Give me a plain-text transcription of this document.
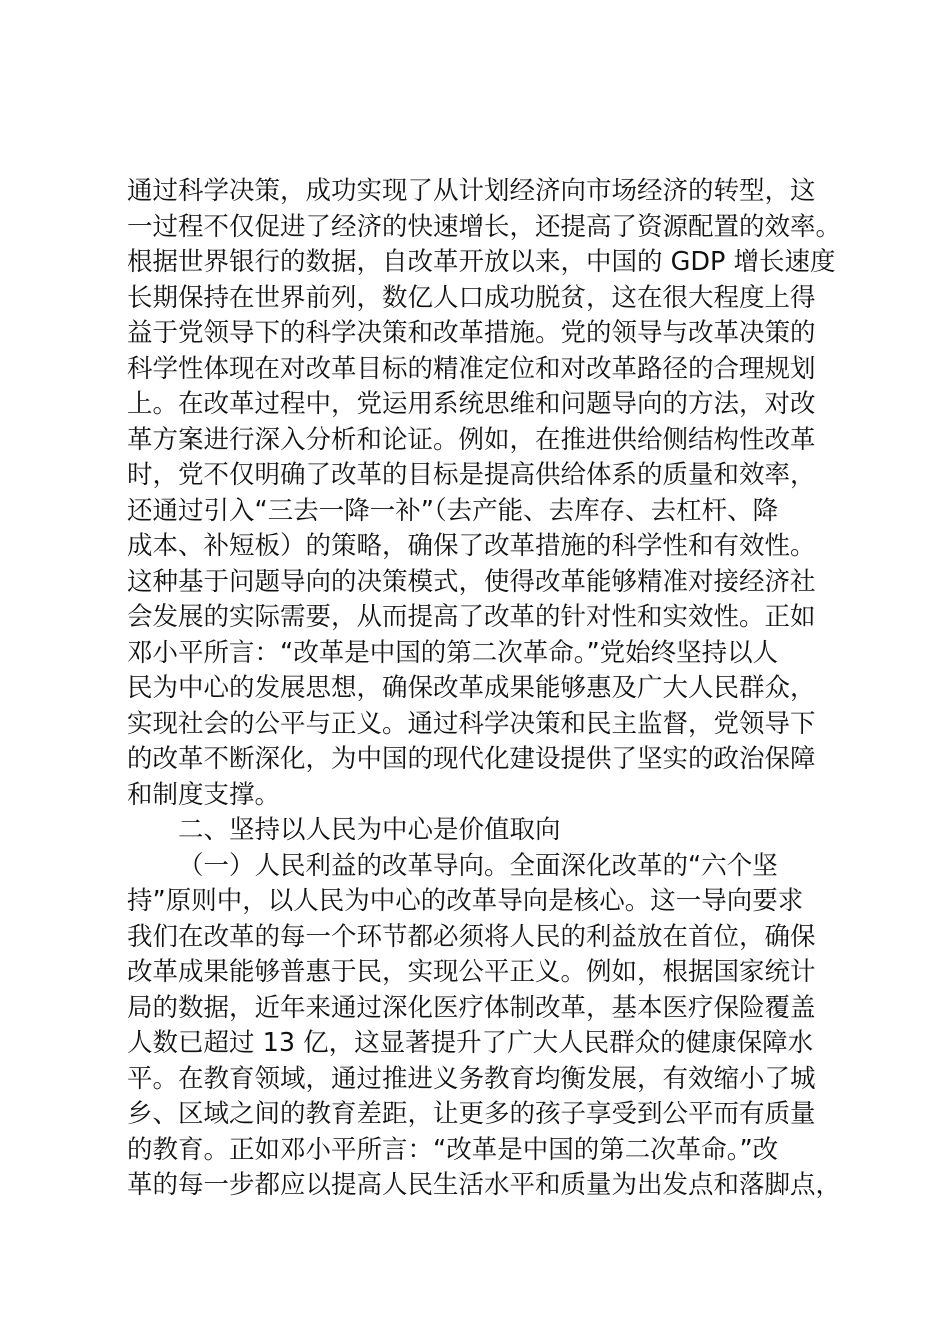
通过科学决策，成功实现了从计划经济向市场经济的转型，这
一过程不仅促进了经济的快速增长，还提高了资源配置的效率。
根据世界银行的数据，自改革开放以来，中国的 GDP 增长速度
长期保持在世界前列，数亿人口成功脱贫，这在很大程度上得
益于党领导下的科学决策和改革措施。党的领导与改革决策的
科学性体现在对改革目标的精准定位和对改革路径的合理规划
上。在改革过程中，党运用系统思维和问题导向的方法，对改
革方案进行深入分析和论证。例如，在推进供给侧结构性改革
时，党不仅明确了改革的目标是提高供给体系的质量和效率，
还通过引入“三去一降一补”（去产能、去库存、去杠杆、降
成本、补短板）的策略，确保了改革措施的科学性和有效性。
这种基于问题导向的决策模式，使得改革能够精准对接经济社
会发展的实际需要，从而提高了改革的针对性和实效性。正如
邓小平所言：“改革是中国的第二次革命。”党始终坚持以人
民为中心的发展思想，确保改革成果能够惠及广大人民群众，
实现社会的公平与正义。通过科学决策和民主监督，党领导下
的改革不断深化，为中国的现代化建设提供了坚实的政治保障
和制度支撑。
二、坚持以人民为中心是价值取向
（一）人民利益的改革导向。全面深化改革的“六个坚
持”原则中，以人民为中心的改革导向是核心。这一导向要求
我们在改革的每一个环节都必须将人民的利益放在首位，确保
改革成果能够普惠于民，实现公平正义。例如，根据国家统计
局的数据，近年来通过深化医疗体制改革，基本医疗保险覆盖
人数已超过 13 亿，这显著提升了广大人民群众的健康保障水
平。在教育领域，通过推进义务教育均衡发展，有效缩小了城
乡、区域之间的教育差距，让更多的孩子享受到公平而有质量
的教育。正如邓小平所言：“改革是中国的第二次革命。”改
革的每一步都应以提高人民生活水平和质量为出发点和落脚点，
